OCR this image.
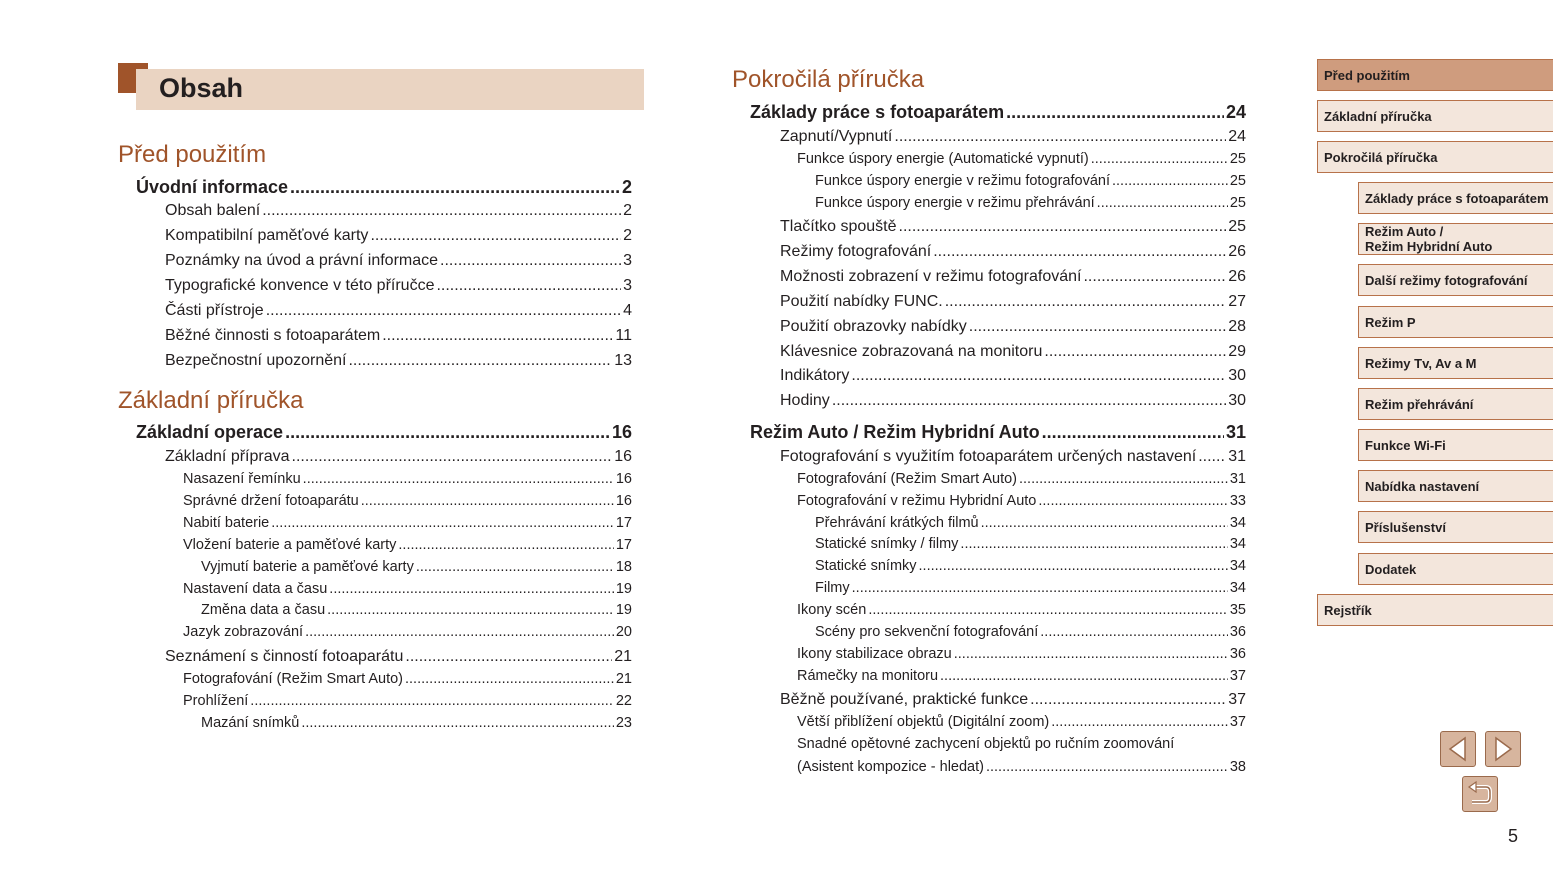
Obsah
Před použitím
Základní příručka
Pokročilá příručka
Úvodní informace .....	2
Obsah balení .....	2
Kompatibilní paměťové karty .....	2
Poznámky na úvod a právní informace .....	3
Typografické konvence v této příručce .....	3
Části přístroje .....	4
Běžné činnosti s fotoaparátem .....	11
Bezpečnostní upozornění .....	13
Základní operace .....	16
Základní příprava .....	16
Nasazení řemínku .....	16
Správné držení fotoaparátu .....	16
Nabití baterie .....	17
Vložení baterie a paměťové karty .....	17
Vyjmutí baterie a paměťové karty .....	18
Nastavení data a času .....	19
Změna data a času .....	19
Jazyk zobrazování .....	20
Seznámení s činností fotoaparátu .....	21
Fotografování (Režim Smart Auto) .....	21
Prohlížení .....	22
Mazání snímků .....	23
Základy práce s fotoaparátem .....	24
Zapnutí/Vypnutí .....	24
Funkce úspory energie (Automatické vypnutí) .....	25
Funkce úspory energie v režimu fotografování .....	25
Funkce úspory energie v režimu přehrávání .....	25
Tlačítko spouště .....	25
Režimy fotografování .....	26
Možnosti zobrazení v režimu fotografování .....	26
Použití nabídky FUNC. .....	27
Použití obrazovky nabídky .....	28
Klávesnice zobrazovaná na monitoru .....	29
Indikátory .....	30
Hodiny .....	30
Režim Auto / Režim Hybridní Auto .....	31
Fotografování s využitím fotoaparátem určených nastavení ..... 31
Fotografování (Režim Smart Auto) .....	31
Fotografování v režimu Hybridní Auto .....	33
Přehrávání krátkých filmů .....	34
Statické snímky / filmy .....	34
Statické snímky .....	34
Filmy .....	34
Ikony scén .....	35
Scény pro sekvenční fotografování .....	36
Ikony stabilizace obrazu .....	36
Rámečky na monitoru .....	37
Běžně používané, praktické funkce .....	37
Větší přiblížení objektů (Digitální zoom) .....	37
Snadné opětovné zachycení objektů po ručním zoomování
(Asistent kompozice - hledat) .....	38
Před použitím
Základní příručka
Pokročilá příručka
Základy práce s fotoaparátem
Režim Auto /
Režim Hybridní Auto
Další režimy fotografování
Režim P
Režimy Tv, Av a M
Režim přehrávání
Funkce Wi-Fi
Nabídka nastavení
Příslušenství
Dodatek
Rejstřík
5
